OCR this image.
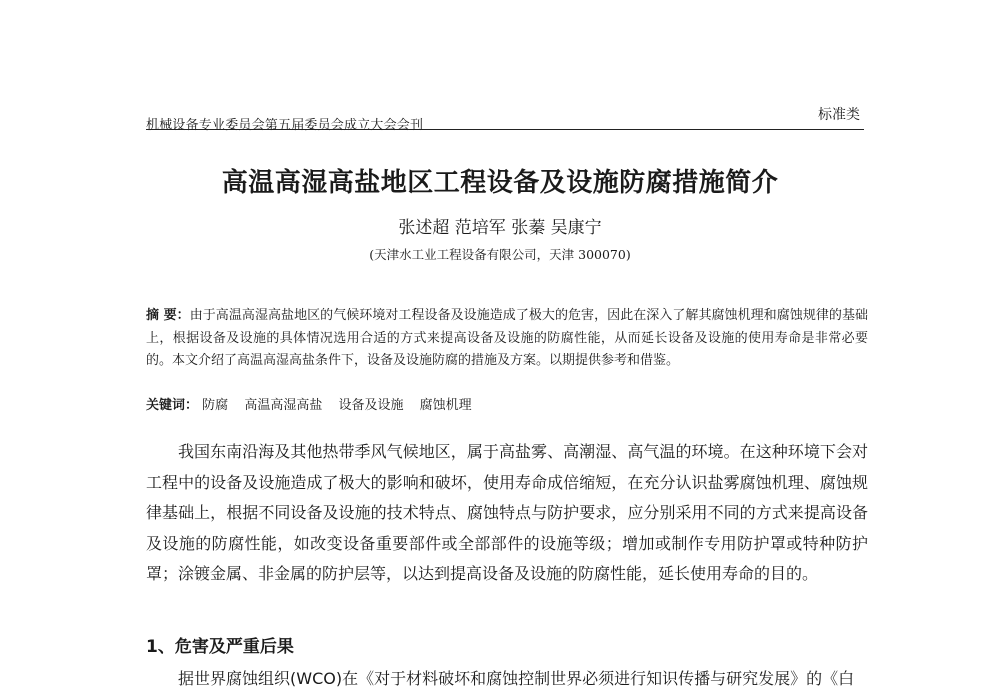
机械设备专业委员会第五届委员会成立大会会刊
标准类
高温高湿高盐地区工程设备及设施防腐措施简介
张述超 范培军 张蓁 吴康宁
(天津水工业工程设备有限公司，天津 300070)
摘 要：由于高温高湿高盐地区的气候环境对工程设备及设施造成了极大的危害，因此在深入了解其腐蚀机理和腐蚀规律的基础上，根据设备及设施的具体情况选用合适的方式来提高设备及设施的防腐性能，从而延长设备及设施的使用寿命是非常必要的。本文介绍了高温高湿高盐条件下，设备及设施防腐的措施及方案。以期提供参考和借鉴。
关键词： 防腐 高温高湿高盐 设备及设施 腐蚀机理
我国东南沿海及其他热带季风气候地区，属于高盐雾、高潮湿、高气温的环境。在这种环境下会对工程中的设备及设施造成了极大的影响和破坏，使用寿命成倍缩短，在充分认识盐雾腐蚀机理、腐蚀规律基础上，根据不同设备及设施的技术特点、腐蚀特点与防护要求，应分别采用不同的方式来提高设备及设施的防腐性能，如改变设备重要部件或全部部件的设施等级；增加或制作专用防护罩或特种防护罩；涂镀金属、非金属的防护层等，以达到提高设备及设施的防腐性能，延长使用寿命的目的。
1、危害及严重后果
据世界腐蚀组织(WCO)在《对于材料破坏和腐蚀控制世界必须进行知识传播与研究发展》的《白
